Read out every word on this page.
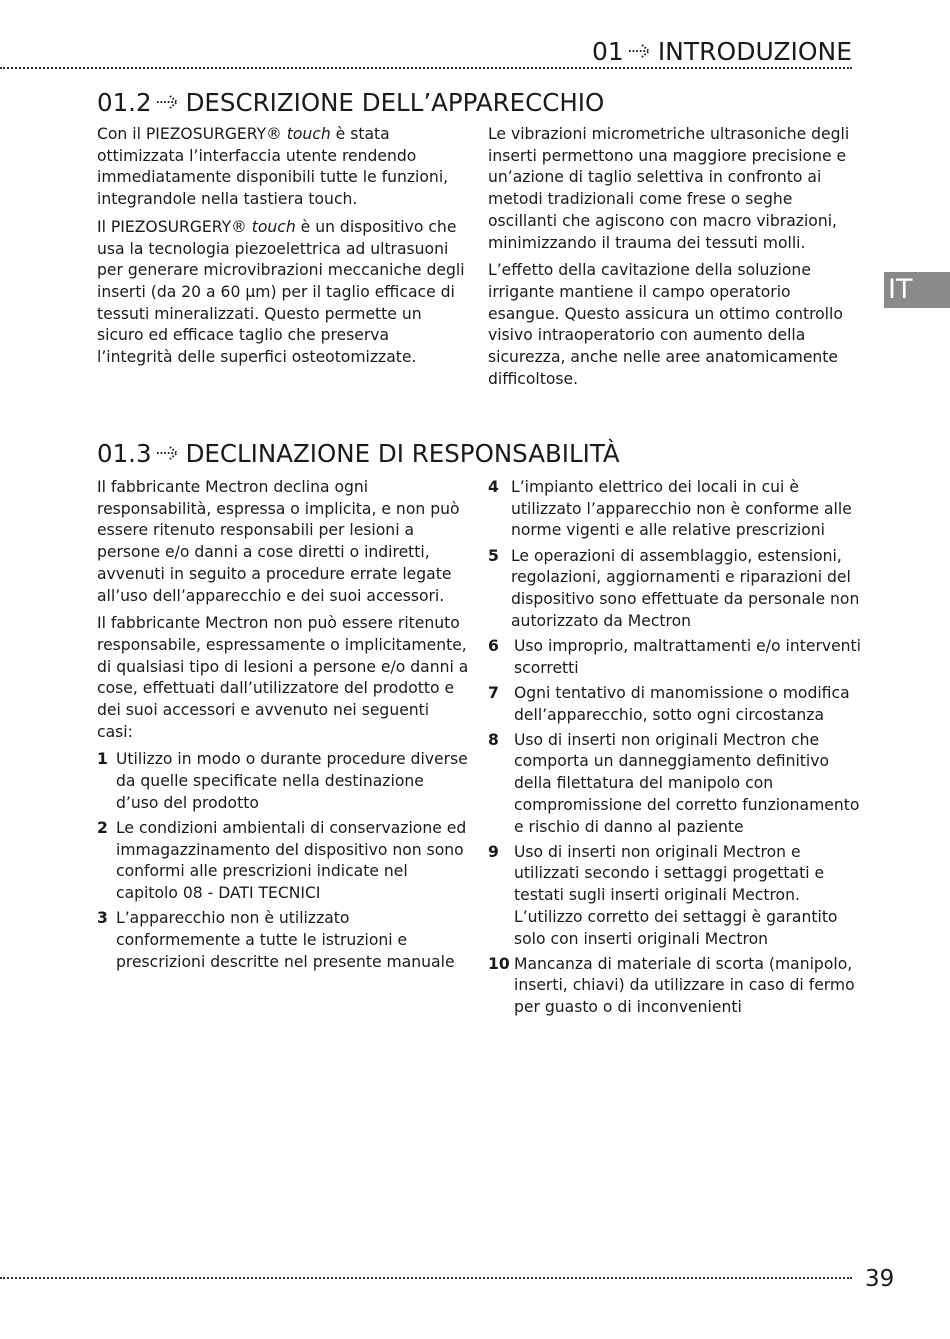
01 INTRODUZIONE
IT
01.2 DESCRIZIONE DELL’APPARECCHIO

Con il PIEZOSURGERY® touch è stata ottimizzata l’interfaccia utente rendendo immediatamente disponibili tutte le funzioni, integrandole nella tastiera touch.

Il PIEZOSURGERY® touch è un dispositivo che usa la tecnologia piezoelettrica ad ultrasuoni per generare microvibrazioni meccaniche degli inserti (da 20 a 60 µm) per il taglio efficace di tessuti mineralizzati. Questo permette un sicuro ed efficace taglio che preserva l’integrità delle superfici osteotomizzate.

Le vibrazioni micrometriche ultrasoniche degli inserti permettono una maggiore precisione e un’azione di taglio selettiva in confronto ai metodi tradizionali come frese o seghe oscillanti che agiscono con macro vibrazioni, minimizzando il trauma dei tessuti molli.

L’effetto della cavitazione della soluzione irrigante mantiene il campo operatorio esangue. Questo assicura un ottimo controllo visivo intraoperatorio con aumento della sicurezza, anche nelle aree anatomicamente difficoltose.

01.3 DECLINAZIONE DI RESPONSABILITÀ

Il fabbricante Mectron declina ogni responsabilità, espressa o implicita, e non può essere ritenuto responsabili per lesioni a persone e/o danni a cose diretti o indiretti, avvenuti in seguito a procedure errate legate all’uso dell’apparecchio e dei suoi accessori.

Il fabbricante Mectron non può essere ritenuto responsabile, espressamente o implicitamente, di qualsiasi tipo di lesioni a persone e/o danni a cose, effettuati dall’utilizzatore del prodotto e dei suoi accessori e avvenuto nei seguenti casi:

1 Utilizzo in modo o durante procedure diverse da quelle specificate nella destinazione d’uso del prodotto
2 Le condizioni ambientali di conservazione ed immagazzinamento del dispositivo non sono conformi alle prescrizioni indicate nel capitolo 08 - DATI TECNICI
3 L’apparecchio non è utilizzato conformemente a tutte le istruzioni e prescrizioni descritte nel presente manuale
4 L’impianto elettrico dei locali in cui è utilizzato l’apparecchio non è conforme alle norme vigenti e alle relative prescrizioni
5 Le operazioni di assemblaggio, estensioni, regolazioni, aggiornamenti e riparazioni del dispositivo sono effettuate da personale non autorizzato da Mectron
6 Uso improprio, maltrattamenti e/o interventi scorretti
7 Ogni tentativo di manomissione o modifica dell’apparecchio, sotto ogni circostanza
8 Uso di inserti non originali Mectron che comporta un danneggiamento definitivo della filettatura del manipolo con compromissione del corretto funzionamento e rischio di danno al paziente
9 Uso di inserti non originali Mectron e utilizzati secondo i settaggi progettati e testati sugli inserti originali Mectron. L’utilizzo corretto dei settaggi è garantito solo con inserti originali Mectron
10 Mancanza di materiale di scorta (manipolo, inserti, chiavi) da utilizzare in caso di fermo per guasto o di inconvenienti
39
